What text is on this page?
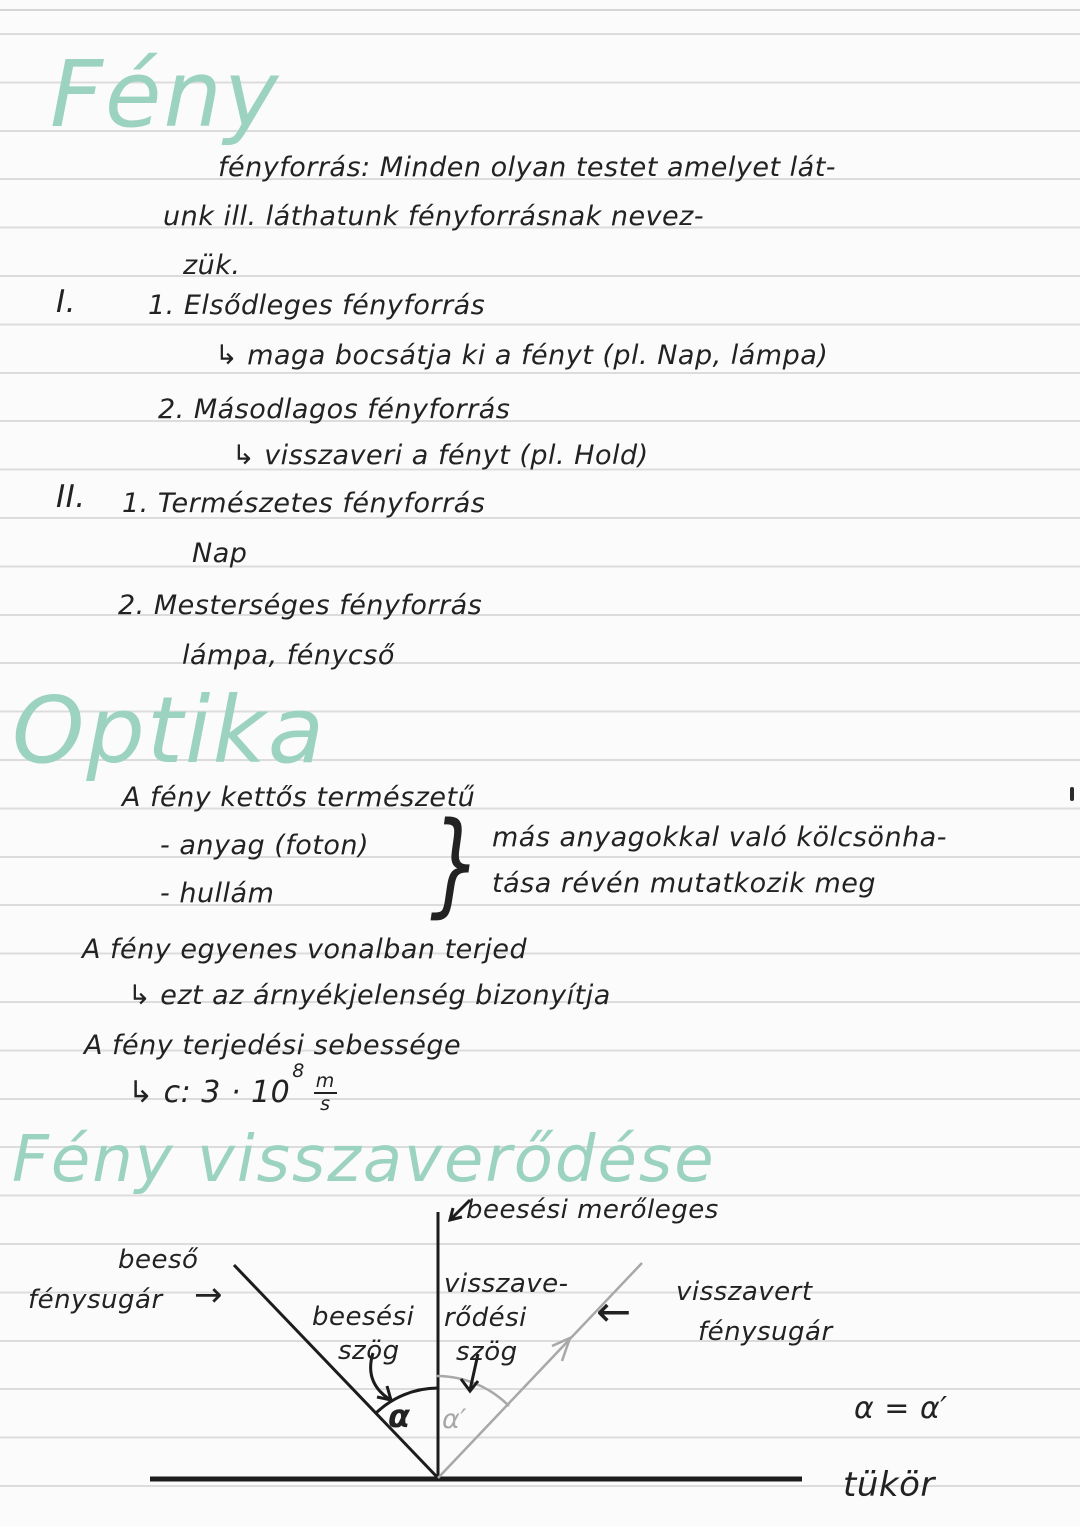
Fény
fényforrás: Minden olyan testet amelyet lát-
unk ill. láthatunk fényforrásnak nevez-
zük.
I.	1. Elsődleges fényforrás
↳ maga bocsátja ki a fényt (pl. Nap, lámpa)
2. Másodlagos fényforrás
↳ visszaveri a fényt (pl. Hold)
II. 1. Természetes fényforrás
Nap
2. Mesterséges fényforrás
lámpa, fénycső
Optika
A fény kettős természetű
- anyag (foton)
- hullám } más anyagokkal való kölcsönha-
tása révén mutatkozik meg
A fény egyenes vonalban terjed
↳ ezt az árnyékjelenség bizonyítja
A fény terjedési sebessége
↳ c: $3 \cdot 10^8$
$\frac{m}{s}$
Fény visszaverődése
beesési merőleges
beeső
fénysugár →
beesési
szög
visszave-
rődési
szög
← visszavert
fénysugár
α α′	α = α′
tükör
